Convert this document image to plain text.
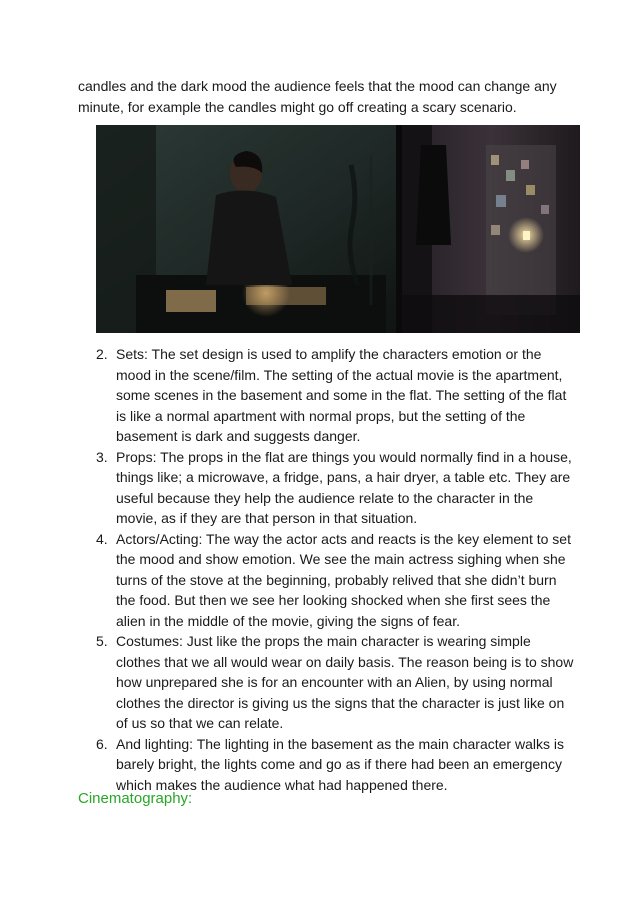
candles and the dark mood the audience feels that the mood can change any minute, for example the candles might go off creating a scary scenario.

2. Sets: The set design is used to amplify the characters emotion or the mood in the scene/film. The setting of the actual movie is the apartment, some scenes in the basement and some in the flat. The setting of the flat is like a normal apartment with normal props, but the setting of the basement is dark and suggests danger.
3. Props: The props in the flat are things you would normally find in a house, things like; a microwave, a fridge, pans, a hair dryer, a table etc. They are useful because they help the audience relate to the character in the movie, as if they are that person in that situation.
4. Actors/Acting: The way the actor acts and reacts is the key element to set the mood and show emotion. We see the main actress sighing when she turns of the stove at the beginning, probably relived that she didn’t burn the food. But then we see her looking shocked when she first sees the alien in the middle of the movie, giving the signs of fear.
5. Costumes: Just like the props the main character is wearing simple clothes that we all would wear on daily basis. The reason being is to show how unprepared she is for an encounter with an Alien, by using normal clothes the director is giving us the signs that the character is just like on of us so that we can relate.
6. And lighting: The lighting in the basement as the main character walks is barely bright, the lights come and go as if there had been an emergency which makes the audience what had happened there.
Cinematography:
